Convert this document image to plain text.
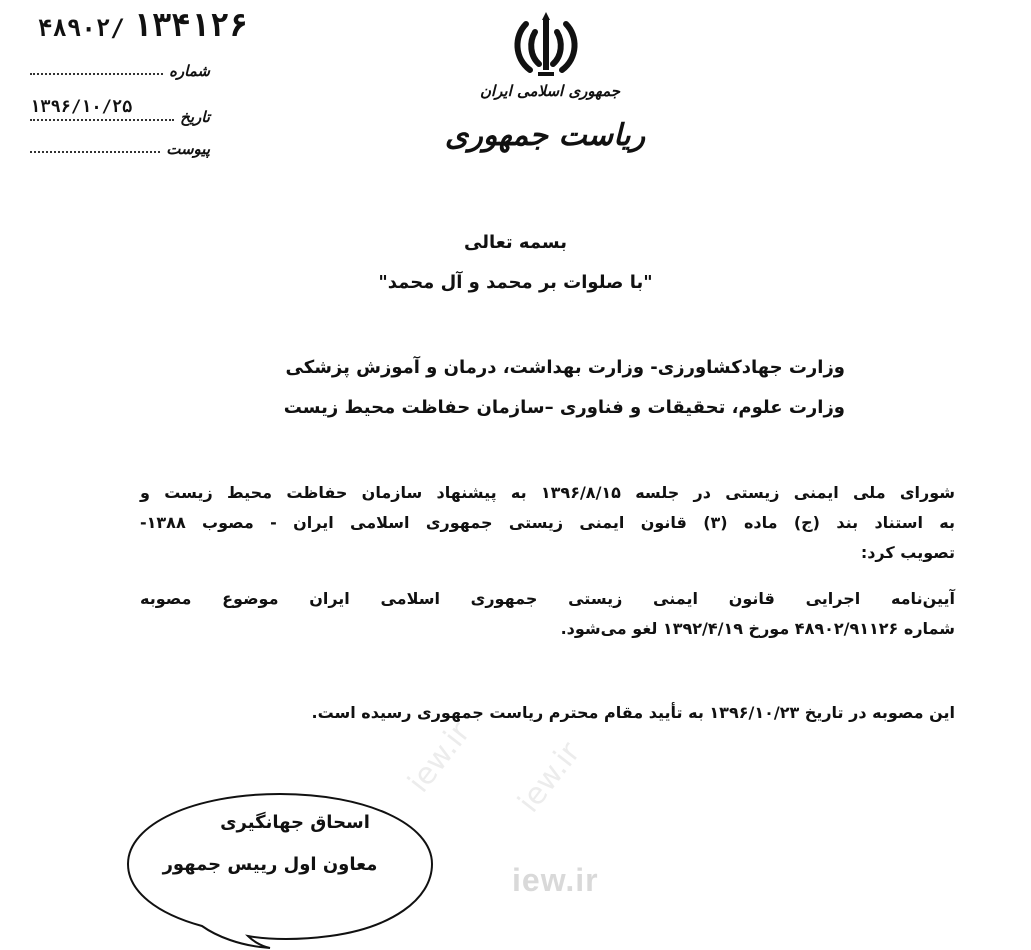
۴۸۹۰۲/ ۱۳۴۱۲۶
شماره
تاریخ
۱۳۹۶/۱۰/۲۵
پیوست
جمهوری اسلامی ایران
ریاست جمهوری
بسمه تعالی
"با صلوات بر محمد و آل محمد"
وزارت جهادکشاورزی- وزارت بهداشت، درمان و آموزش پزشکی
وزارت علوم، تحقیقات و فناوری –سازمان حفاظت محیط زیست
iew.ir iew.ir
شورای ملی ایمنی زیستی در جلسه ۱۳۹۶/۸/۱۵ به پیشنهاد سازمان حفاظت محیط زیست و
به استناد بند (ج) ماده (۳) قانون ایمنی زیستی جمهوری اسلامی ایران - مصوب ۱۳۸۸-
تصویب کرد:
آیین‌نامه اجرایی قانون ایمنی زیستی جمهوری اسلامی ایران موضوع مصوبه
شماره ۴۸۹۰۲/۹۱۱۲۶ مورخ ۱۳۹۲/۴/۱۹ لغو می‌شود.
این مصوبه در تاریخ ۱۳۹۶/۱۰/۲۳ به تأیید مقام محترم ریاست جمهوری رسیده است.
iew.ir
اسحاق جهانگیری
معاون اول رییس جمهور
